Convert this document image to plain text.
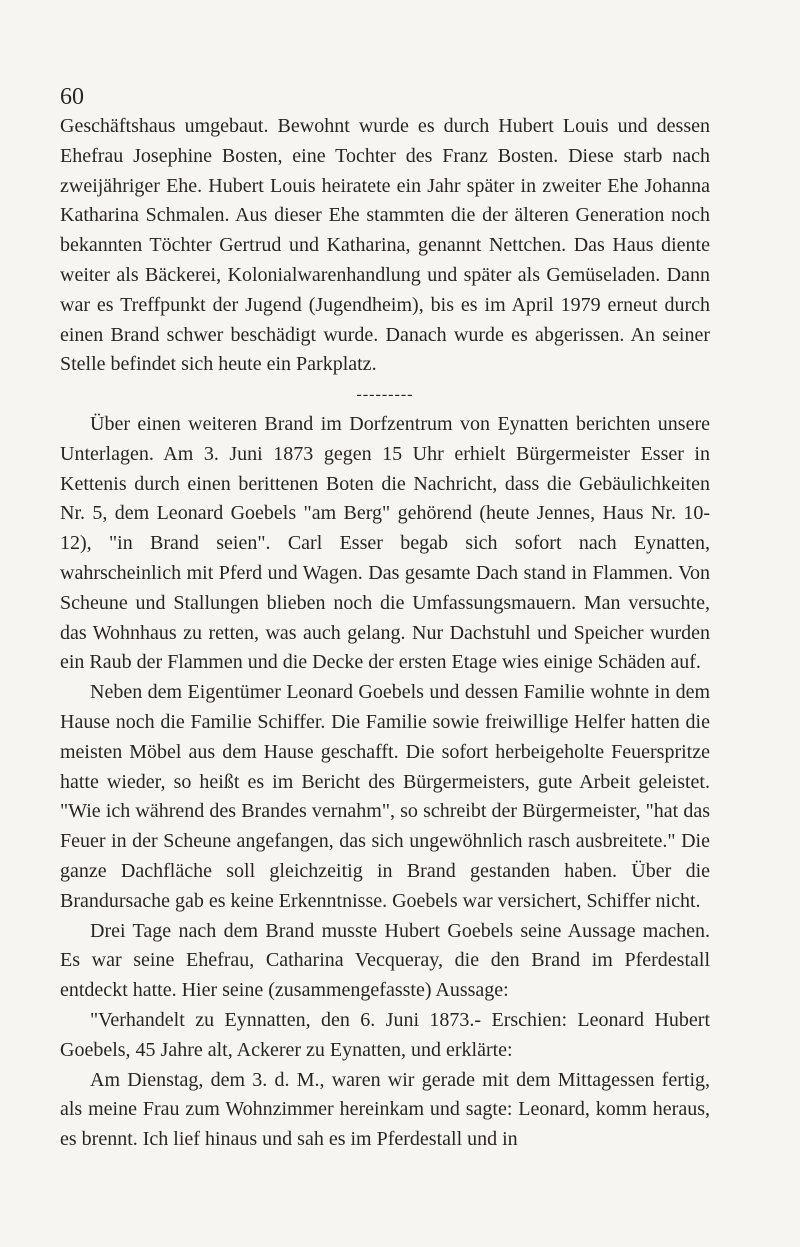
60

Geschäftshaus umgebaut. Bewohnt wurde es durch Hubert Louis und dessen Ehefrau Josephine Bosten, eine Tochter des Franz Bosten. Diese starb nach zweijähriger Ehe. Hubert Louis heiratete ein Jahr später in zweiter Ehe Johanna Katharina Schmalen. Aus dieser Ehe stammten die der älteren Generation noch bekannten Töchter Gertrud und Katharina, genannt Nettchen. Das Haus diente weiter als Bäckerei, Kolonialwarenhandlung und später als Gemüseladen. Dann war es Treffpunkt der Jugend (Jugendheim), bis es im April 1979 erneut durch einen Brand schwer beschädigt wurde. Danach wurde es abgerissen. An seiner Stelle befindet sich heute ein Parkplatz.

---------

Über einen weiteren Brand im Dorfzentrum von Eynatten berichten unsere Unterlagen. Am 3. Juni 1873 gegen 15 Uhr erhielt Bürgermeister Esser in Kettenis durch einen berittenen Boten die Nachricht, dass die Gebäulichkeiten Nr. 5, dem Leonard Goebels "am Berg" gehörend (heute Jennes, Haus Nr. 10-12), "in Brand seien". Carl Esser begab sich sofort nach Eynatten, wahrscheinlich mit Pferd und Wagen. Das gesamte Dach stand in Flammen. Von Scheune und Stallungen blieben noch die Umfassungsmauern. Man versuchte, das Wohnhaus zu retten, was auch gelang. Nur Dachstuhl und Speicher wurden ein Raub der Flammen und die Decke der ersten Etage wies einige Schäden auf.

Neben dem Eigentümer Leonard Goebels und dessen Familie wohnte in dem Hause noch die Familie Schiffer. Die Familie sowie freiwillige Helfer hatten die meisten Möbel aus dem Hause geschafft. Die sofort herbeigeholte Feuerspritze hatte wieder, so heißt es im Bericht des Bürgermeisters, gute Arbeit geleistet. "Wie ich während des Brandes vernahm", so schreibt der Bürgermeister, "hat das Feuer in der Scheune angefangen, das sich ungewöhnlich rasch ausbreitete." Die ganze Dachfläche soll gleichzeitig in Brand gestanden haben. Über die Brandursache gab es keine Erkenntnisse. Goebels war versichert, Schiffer nicht.

Drei Tage nach dem Brand musste Hubert Goebels seine Aussage machen. Es war seine Ehefrau, Catharina Vecqueray, die den Brand im Pferdestall entdeckt hatte. Hier seine (zusammengefasste) Aussage:

"Verhandelt zu Eynnatten, den 6. Juni 1873.- Erschien: Leonard Hubert Goebels, 45 Jahre alt, Ackerer zu Eynatten, und erklärte:

Am Dienstag, dem 3. d. M., waren wir gerade mit dem Mittagessen fertig, als meine Frau zum Wohnzimmer hereinkam und sagte: Leonard, komm heraus, es brennt. Ich lief hinaus und sah es im Pferdestall und in
